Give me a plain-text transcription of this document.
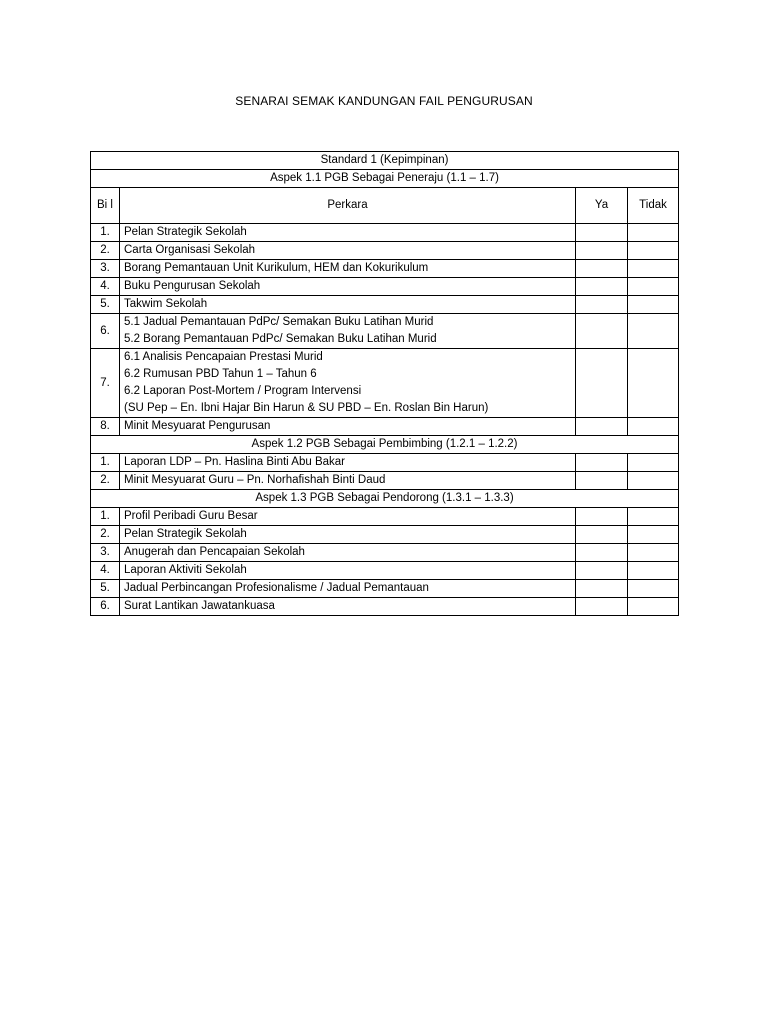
SENARAI SEMAK KANDUNGAN FAIL PENGURUSAN
Standard 1 (Kepimpinan)			
Aspek 1.1 PGB Sebagai Peneraju (1.1 – 1.7)			
Bi l	Perkara	Ya	Tidak
1.	Pelan Strategik Sekolah		

2.	Carta Organisasi Sekolah		

3.	Borang Pemantauan Unit Kurikulum, HEM dan Kokurikulum		

4.	Buku Pengurusan Sekolah		

5.	Takwim Sekolah		

6.	5.1 Jadual Pemantauan PdPc/ Semakan Buku Latihan Murid
5.2 Borang Pemantauan PdPc/ Semakan Buku Latihan Murid		

7.	6.1 Analisis Pencapaian Prestasi Murid
6.2 Rumusan PBD Tahun 1 – Tahun 6
6.2 Laporan Post-Mortem / Program Intervensi
(SU Pep – En. Ibni Hajar Bin Harun & SU PBD – En. Roslan Bin Harun)		

8.	Minit Mesyuarat Pengurusan		

Aspek 1.2 PGB Sebagai Pembimbing (1.2.1 – 1.2.2)			
1.	Laporan LDP – Pn. Haslina Binti Abu Bakar		

2.	Minit Mesyuarat Guru – Pn. Norhafishah Binti Daud		

Aspek 1.3 PGB Sebagai Pendorong (1.3.1 – 1.3.3)			
1.	Profil Peribadi Guru Besar		

2.	Pelan Strategik Sekolah		

3.	Anugerah dan Pencapaian Sekolah		

4.	Laporan Aktiviti Sekolah		

5.	Jadual Perbincangan Profesionalisme / Jadual Pemantauan		

6.	Surat Lantikan Jawatankuasa		
